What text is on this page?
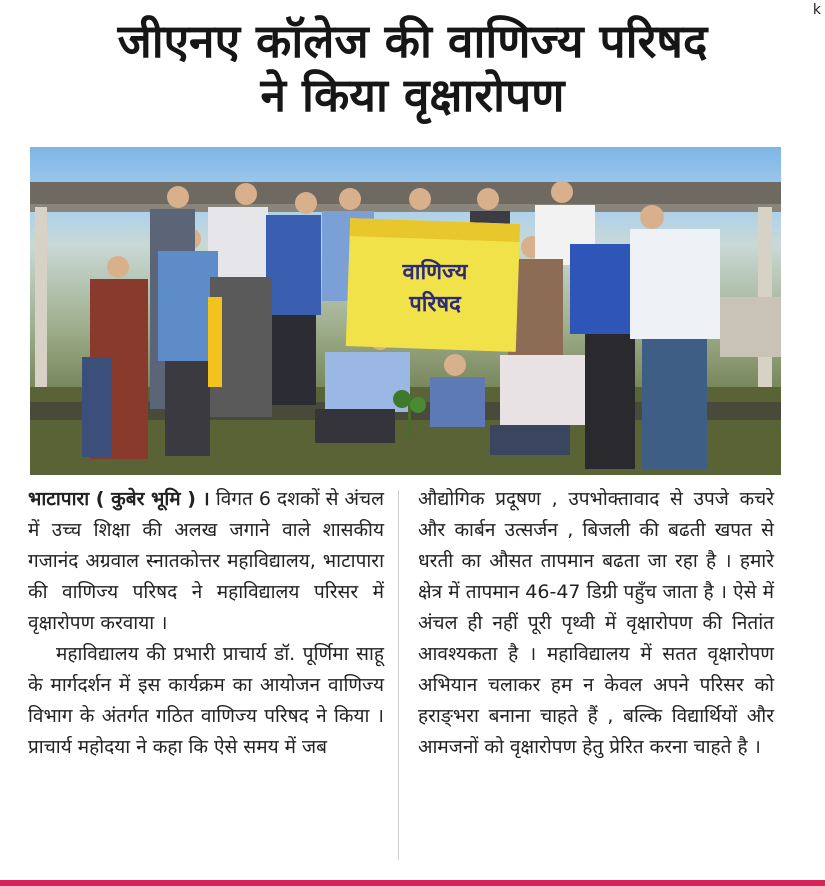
k
जीएनए कॉलेज की वाणिज्य परिषद
ने किया वृक्षारोपण
वाणिज्य
परिषद

भाटापारा ( कुबेर भूमि ) । विगत 6 दशकों से अंचल में उच्च शिक्षा की अलख जगाने वाले शासकीय गजानंद अग्रवाल स्नातकोत्तर महाविद्यालय, भाटापारा की वाणिज्य परिषद ने महाविद्यालय परिसर में वृक्षारोपण करवाया ।

महाविद्यालय की प्रभारी प्राचार्य डॉ. पूर्णिमा साहू के मार्गदर्शन में इस कार्यक्रम का आयोजन वाणिज्य विभाग के अंतर्गत गठित वाणिज्य परिषद ने किया । प्राचार्य महोदया ने कहा कि ऐसे समय में जब

औद्योगिक प्रदूषण , उपभोक्तावाद से उपजे कचरे और कार्बन उत्सर्जन , बिजली की बढती खपत से धरती का औसत तापमान बढता जा रहा है । हमारे क्षेत्र में तापमान 46-47 डिग्री पहुँच जाता है । ऐसे में अंचल ही नहीं पूरी पृथ्वी में वृक्षारोपण की नितांत आवश्यकता है । महाविद्यालय में सतत वृक्षारोपण अभियान चलाकर हम न केवल अपने परिसर को हराङ्भरा बनाना चाहते हैं , बल्कि विद्यार्थियों और आमजनों को वृक्षारोपण हेतु प्रेरित करना चाहते है ।
